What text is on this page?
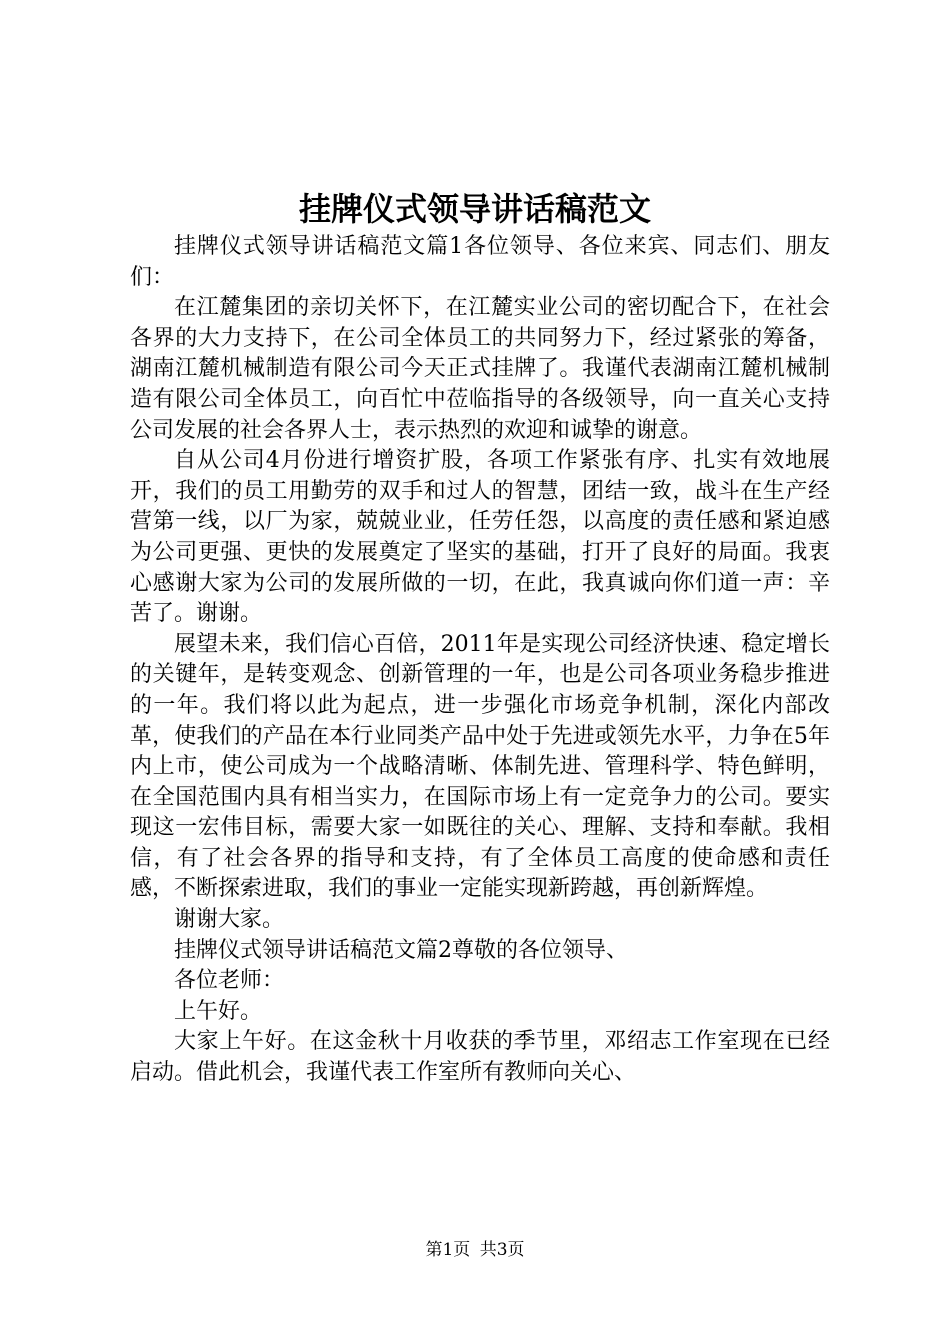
挂牌仪式领导讲话稿范文

挂牌仪式领导讲话稿范文篇1各位领导、各位来宾、同志们、朋友们：

在江麓集团的亲切关怀下，在江麓实业公司的密切配合下，在社会各界的大力支持下，在公司全体员工的共同努力下，经过紧张的筹备，湖南江麓机械制造有限公司今天正式挂牌了。我谨代表湖南江麓机械制造有限公司全体员工，向百忙中莅临指导的各级领导，向一直关心支持公司发展的社会各界人士，表示热烈的欢迎和诚挚的谢意。

自从公司4月份进行增资扩股，各项工作紧张有序、扎实有效地展开，我们的员工用勤劳的双手和过人的智慧，团结一致，战斗在生产经营第一线，以厂为家，兢兢业业，任劳任怨，以高度的责任感和紧迫感为公司更强、更快的发展奠定了坚实的基础，打开了良好的局面。我衷心感谢大家为公司的发展所做的一切，在此，我真诚向你们道一声：辛苦了。谢谢。

展望未来，我们信心百倍，2011年是实现公司经济快速、稳定增长的关键年，是转变观念、创新管理的一年，也是公司各项业务稳步推进的一年。我们将以此为起点，进一步强化市场竞争机制，深化内部改革，使我们的产品在本行业同类产品中处于先进或领先水平，力争在5年内上市，使公司成为一个战略清晰、体制先进、管理科学、特色鲜明，在全国范围内具有相当实力，在国际市场上有一定竞争力的公司。要实现这一宏伟目标，需要大家一如既往的关心、理解、支持和奉献。我相信，有了社会各界的指导和支持，有了全体员工高度的使命感和责任感，不断探索进取，我们的事业一定能实现新跨越，再创新辉煌。

谢谢大家。

挂牌仪式领导讲话稿范文篇2尊敬的各位领导、

各位老师：

上午好。

大家上午好。在这金秋十月收获的季节里，邓绍志工作室现在已经启动。借此机会，我谨代表工作室所有教师向关心、

第1页 共3页
